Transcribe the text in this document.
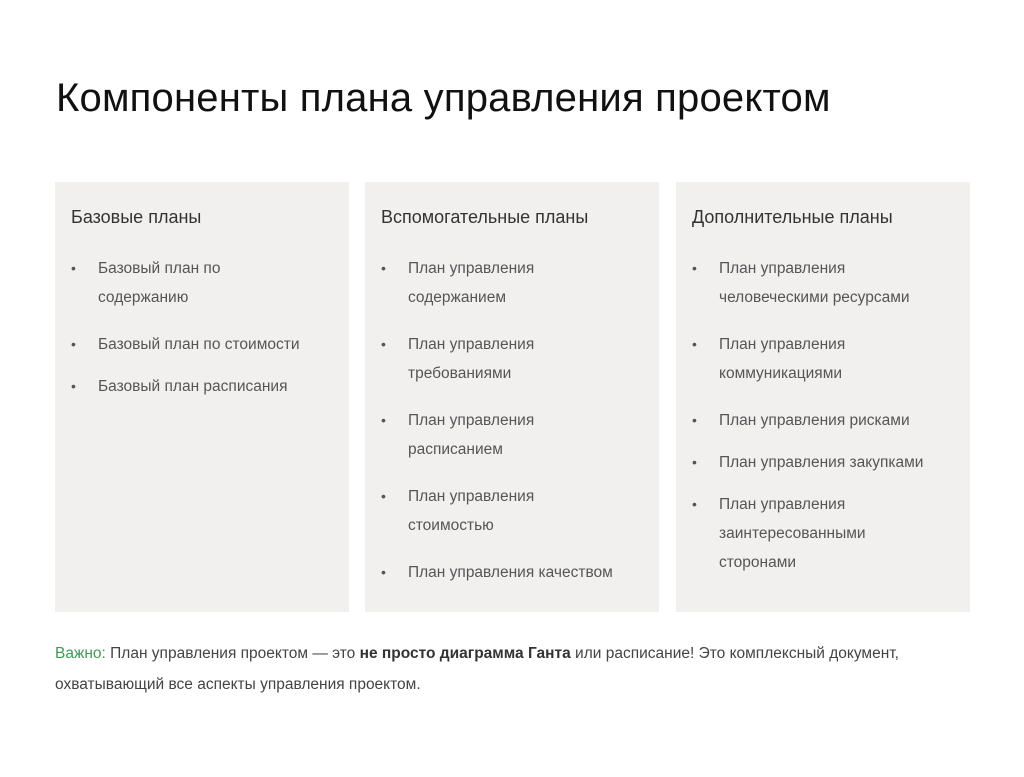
Компоненты плана управления проектом
Базовые планы
• Базовый план по содержанию
• Базовый план по стоимости
• Базовый план расписания
Вспомогательные планы
• План управления содержанием
• План управления требованиями
• План управления расписанием
• План управления стоимостью
• План управления качеством
Дополнительные планы
• План управления человеческими ресурсами
• План управления коммуникациями
• План управления рисками
• План управления закупками
• План управления заинтересованными сторонами

Важно: План управления проектом — это не просто диаграмма Ганта или расписание! Это комплексный документ, охватывающий все аспекты управления проектом.
